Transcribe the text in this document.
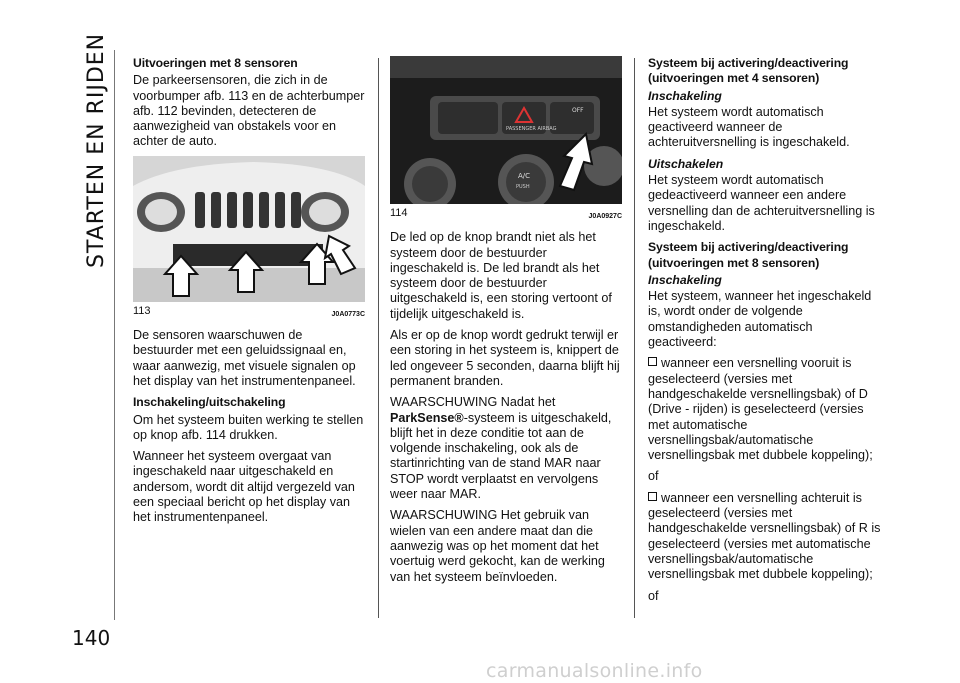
STARTEN EN RIJDEN
140
Uitvoeringen met 8 sensoren

De parkeersensoren, die zich in de voorbumper afb. 113 en de achterbumper afb. 112 bevinden, detecteren de aanwezigheid van obstakels voor en achter de auto.

113	J0A0773C

De sensoren waarschuwen de bestuurder met een geluidssignaal en, waar aanwezig, met visuele signalen op het display van het instrumentenpaneel.

Inschakeling/uitschakeling

Om het systeem buiten werking te stellen op knop afb. 114 drukken.

Wanneer het systeem overgaat van ingeschakeld naar uitgeschakeld en andersom, wordt dit altijd vergezeld van een speciaal bericht op het display van het instrumentenpaneel.

PASSENGER AIRBAG
OFF
A/C
PUSH
114	J0A0927C

De led op de knop brandt niet als het systeem door de bestuurder ingeschakeld is. De led brandt als het systeem door de bestuurder uitgeschakeld is, een storing vertoont of tijdelijk uitgeschakeld is.

Als er op de knop wordt gedrukt terwijl er een storing in het systeem is, knippert de led ongeveer 5 seconden, daarna blijft hij permanent branden.

WAARSCHUWING Nadat het ParkSense®-systeem is uitgeschakeld, blijft het in deze conditie tot aan de volgende inschakeling, ook als de startinrichting van de stand MAR naar STOP wordt verplaatst en vervolgens weer naar MAR.

WAARSCHUWING Het gebruik van wielen van een andere maat dan die aanwezig was op het moment dat het voertuig werd gekocht, kan de werking van het systeem beïnvloeden.

Systeem bij activering/deactivering (uitvoeringen met 4 sensoren)
Inschakeling

Het systeem wordt automatisch geactiveerd wanneer de achteruitversnelling is ingeschakeld.

Uitschakelen

Het systeem wordt automatisch gedeactiveerd wanneer een andere versnelling dan de achteruitversnelling is ingeschakeld.

Systeem bij activering/deactivering (uitvoeringen met 8 sensoren)
Inschakeling

Het systeem, wanneer het ingeschakeld is, wordt onder de volgende omstandigheden automatisch geactiveerd:

wanneer een versnelling vooruit is geselecteerd (versies met handgeschakelde versnellingsbak) of D (Drive - rijden) is geselecteerd (versies met automatische versnellingsbak/automatische versnellingsbak met dubbele koppeling);

of

wanneer een versnelling achteruit is geselecteerd (versies met handgeschakelde versnellingsbak) of R is geselecteerd (versies met automatische versnellingsbak/automatische versnellingsbak met dubbele koppeling);

of

carmanualsonline.info
